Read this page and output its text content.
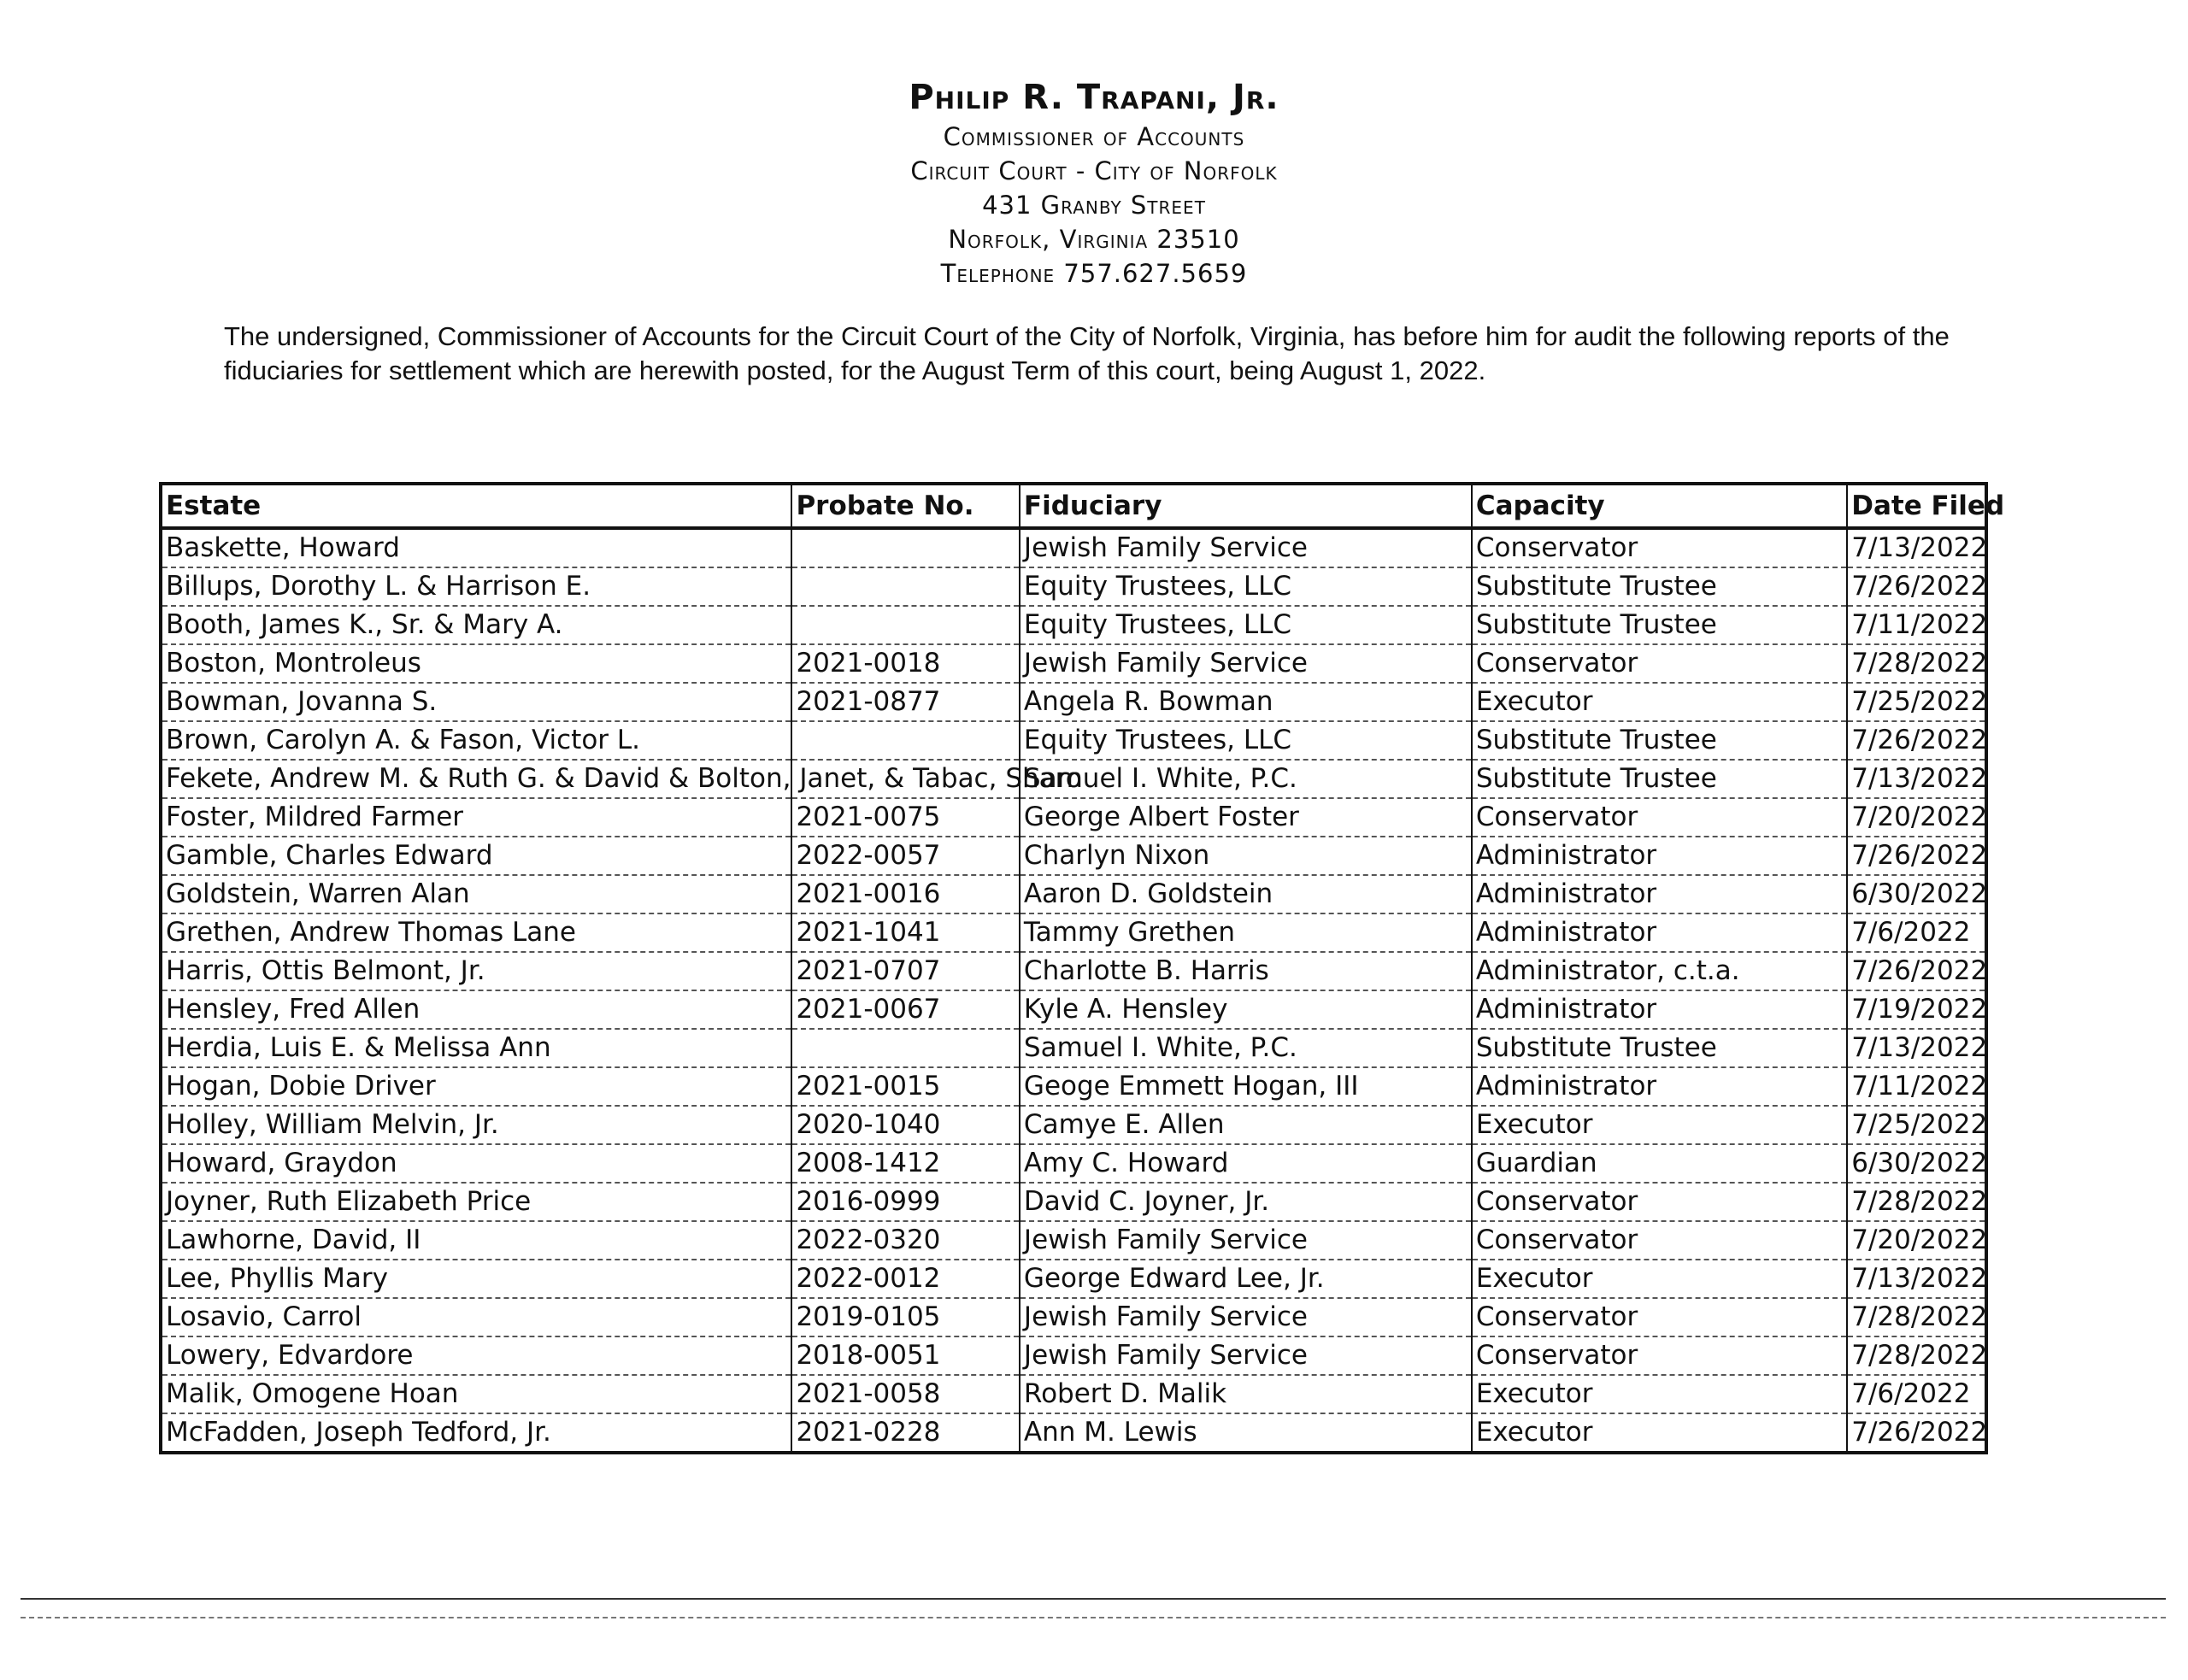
Philip R. Trapani, Jr.
Commissioner of Accounts
Circuit Court - City of Norfolk
431 Granby Street
Norfolk, Virginia 23510
Telephone 757.627.5659
The undersigned, Commissioner of Accounts for the Circuit Court of the City of Norfolk, Virginia, has before him for audit the following reports of the fiduciaries for settlement which are herewith posted, for the August Term of this court, being August 1, 2022.
Estate	Probate No.	Fiduciary	Capacity	Date Filed
Baskette, Howard		Jewish Family Service	Conservator	7/13/2022
Billups, Dorothy L. & Harrison E.		Equity Trustees, LLC	Substitute Trustee	7/26/2022
Booth, James K., Sr. & Mary A.		Equity Trustees, LLC	Substitute Trustee	7/11/2022
Boston, Montroleus	2021-0018	Jewish Family Service	Conservator	7/28/2022
Bowman, Jovanna S.	2021-0877	Angela R. Bowman	Executor	7/25/2022
Brown, Carolyn A. & Fason, Victor L.		Equity Trustees, LLC	Substitute Trustee	7/26/2022
Fekete, Andrew M. & Ruth G. & David & Bolton, Janet, & Tabac, Sharo		Samuel I. White, P.C.	Substitute Trustee	7/13/2022
Foster, Mildred Farmer	2021-0075	George Albert Foster	Conservator	7/20/2022
Gamble, Charles Edward	2022-0057	Charlyn Nixon	Administrator	7/26/2022
Goldstein, Warren Alan	2021-0016	Aaron D. Goldstein	Administrator	6/30/2022
Grethen, Andrew Thomas Lane	2021-1041	Tammy Grethen	Administrator	7/6/2022
Harris, Ottis Belmont, Jr.	2021-0707	Charlotte B. Harris	Administrator, c.t.a.	7/26/2022
Hensley, Fred Allen	2021-0067	Kyle A. Hensley	Administrator	7/19/2022
Herdia, Luis E. & Melissa Ann		Samuel I. White, P.C.	Substitute Trustee	7/13/2022
Hogan, Dobie Driver	2021-0015	Geoge Emmett Hogan, III	Administrator	7/11/2022
Holley, William Melvin, Jr.	2020-1040	Camye E. Allen	Executor	7/25/2022
Howard, Graydon	2008-1412	Amy C. Howard	Guardian	6/30/2022
Joyner, Ruth Elizabeth Price	2016-0999	David C. Joyner, Jr.	Conservator	7/28/2022
Lawhorne, David, II	2022-0320	Jewish Family Service	Conservator	7/20/2022
Lee, Phyllis Mary	2022-0012	George Edward Lee, Jr.	Executor	7/13/2022
Losavio, Carrol	2019-0105	Jewish Family Service	Conservator	7/28/2022
Lowery, Edvardore	2018-0051	Jewish Family Service	Conservator	7/28/2022
Malik, Omogene Hoan	2021-0058	Robert D. Malik	Executor	7/6/2022
McFadden, Joseph Tedford, Jr.	2021-0228	Ann M. Lewis	Executor	7/26/2022
